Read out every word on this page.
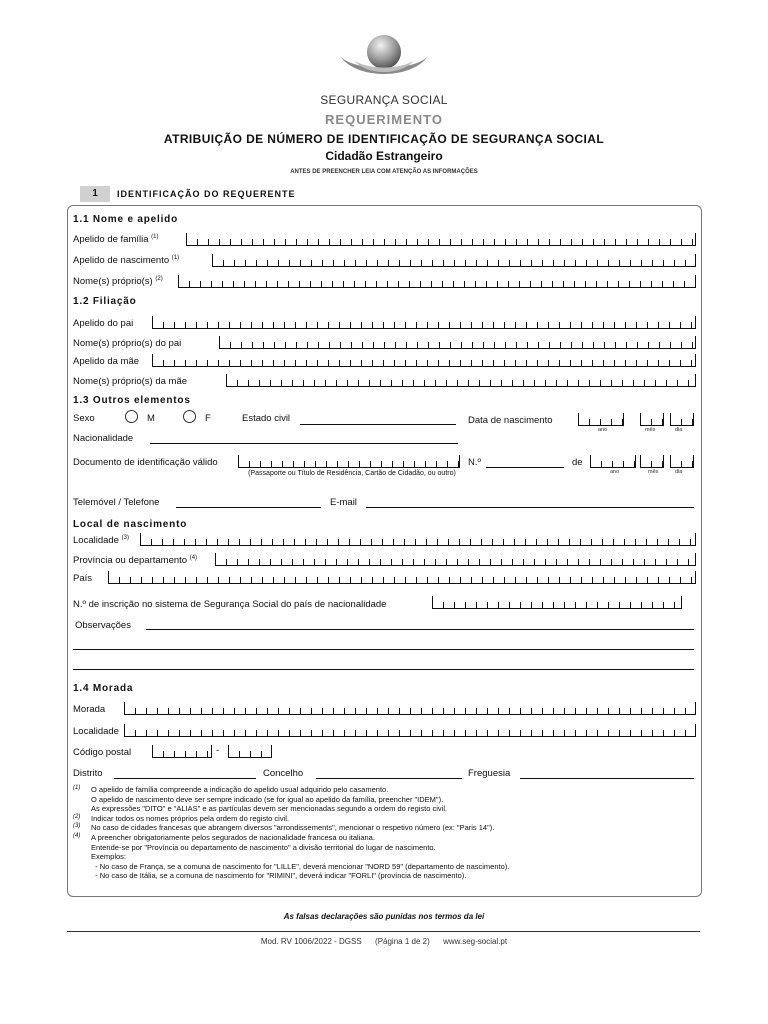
SEGURANÇA SOCIAL
REQUERIMENTO
ATRIBUIÇÃO DE NÚMERO DE IDENTIFICAÇÃO DE SEGURANÇA SOCIAL
Cidadão Estrangeiro
ANTES DE PREENCHER LEIA COM ATENÇÃO AS INFORMAÇÕES
1	IDENTIFICAÇÃO DO REQUERENTE
1.1 Nome e apelido
Apelido de família $^{(1)}$
Apelido de nascimento $^{(1)}$
Nome(s) próprio(s) $^{(2)}$
1.2 Filiação
Apelido do pai
Nome(s) próprio(s) do pai
Apelido da mãe
Nome(s) próprio(s) da mãe
1.3 Outros elementos
Sexo	M	F	Estado civil	Data de nascimento
ano	mês	dia
Nacionalidade
Documento de identificação válido
(Passaporte ou Título de Residência, Cartão de Cidadão, ou outro)
N.º	de
ano	mês	dia
Telemóvel / Telefone	E-mail
Local de nascimento
Localidade $^{(3)}$
Província ou departamento $^{(4)}$
País
N.º de inscrição no sistema de Segurança Social do país de nacionalidade
Observações
1.4 Morada
Morada
Localidade
Código postal	-
Distrito	Concelho	Freguesia
(1)	O apelido de família compreende a indicação do apelido usual adquirido pelo casamento.
O apelido de nascimento deve ser sempre indicado (se for igual ao apelido da família, preencher "IDEM").
As expressões "DITO" e "ALIAS" e as partículas devem ser mencionadas segundo a ordem do registo civil.
(2)	Indicar todos os nomes próprios pela ordem do registo civil.
(3)	No caso de cidades francesas que abrangem diversos "arrondissements", mencionar o respetivo número (ex: "Paris 14").
(4)	A preencher obrigatoriamente pelos segurados de nacionalidade francesa ou italiana.
Entende-se por "Província ou departamento de nascimento" a divisão territorial do lugar de nascimento.
Exemplos:
- No caso de França, se a comuna de nascimento for "LILLE", deverá mencionar "NORD 59" (departamento de nascimento).
- No caso de Itália, se a comuna de nascimento for "RIMINI", deverá indicar "FORLI" (província de nascimento).
As falsas declarações são punidas nos termos da lei
Mod. RV 1006/2022 - DGSS (Página 1 de 2) www.seg-social.pt
